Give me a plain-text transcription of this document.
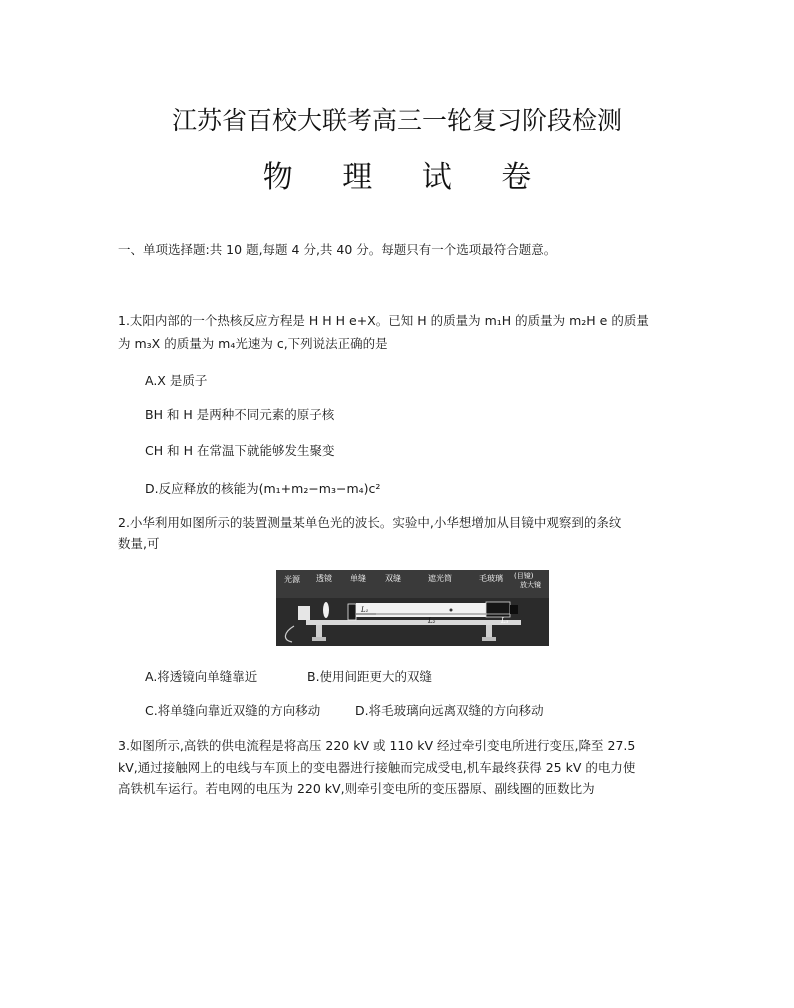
江苏省百校大联考高三一轮复习阶段检测
物 理 试 卷
一、单项选择题:共 10 题,每题 4 分,共 40 分。每题只有一个选项最符合题意。
1.太阳内部的一个热核反应方程是 H H H e+X。已知 H 的质量为 m₁H 的质量为 m₂H e 的质量
为 m₃X 的质量为 m₄光速为 c,下列说法正确的是
A.X 是质子
BH 和 H 是两种不同元素的原子核
CH 和 H 在常温下就能够发生聚变
D.反应释放的核能为(m₁+m₂−m₃−m₄)c²
2.小华利用如图所示的装置测量某单色光的波长。实验中,小华想增加从目镜中观察到的条纹
数量,可
光源 透镜 单缝 双缝	遮光筒	毛玻璃 (目镜)
放大镜
L₁
L₂	L₃
A.将透镜向单缝靠近	B.使用间距更大的双缝
C.将单缝向靠近双缝的方向移动	D.将毛玻璃向远离双缝的方向移动
3.如图所示,高铁的供电流程是将高压 220 kV 或 110 kV 经过牵引变电所进行变压,降至 27.5
kV,通过接触网上的电线与车顶上的变电器进行接触而完成受电,机车最终获得 25 kV 的电力使
高铁机车运行。若电网的电压为 220 kV,则牵引变电所的变压器原、副线圈的匝数比为
